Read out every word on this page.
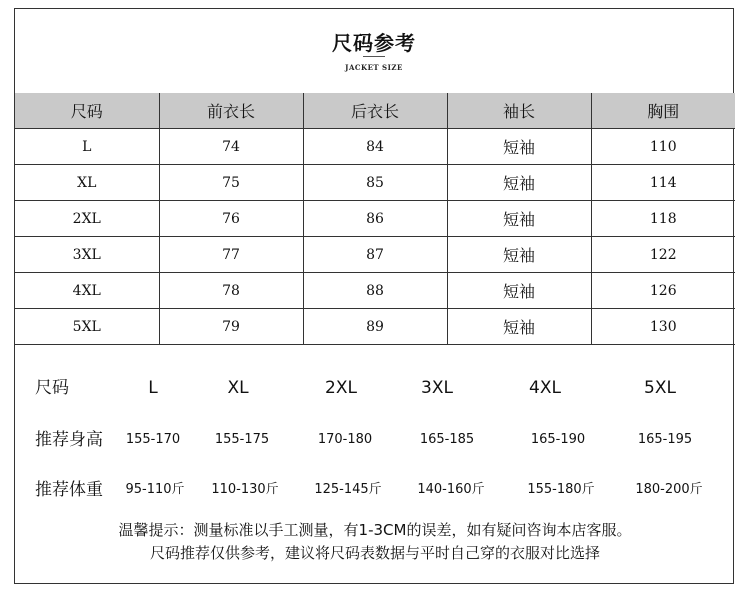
尺码参考
JACKET SIZE
尺码	前衣长	后衣长	袖长	胸围
L	74	84	短袖	110
XL	75	85	短袖	114
2XL	76	86	短袖	118
3XL	77	87	短袖	122
4XL	78	88	短袖	126
5XL	79	89	短袖	130
尺码	L	XL	2XL	3XL	4XL	5XL
推荐身高	155-170	155-175	170-180	165-185	165-190	165-195
推荐体重	95-110斤	110-130斤	125-145斤	140-160斤	155-180斤	180-200斤
温馨提示：测量标准以手工测量，有1-3CM的误差，如有疑问咨询本店客服。
尺码推荐仅供参考，建议将尺码表数据与平时自己穿的衣服对比选择
